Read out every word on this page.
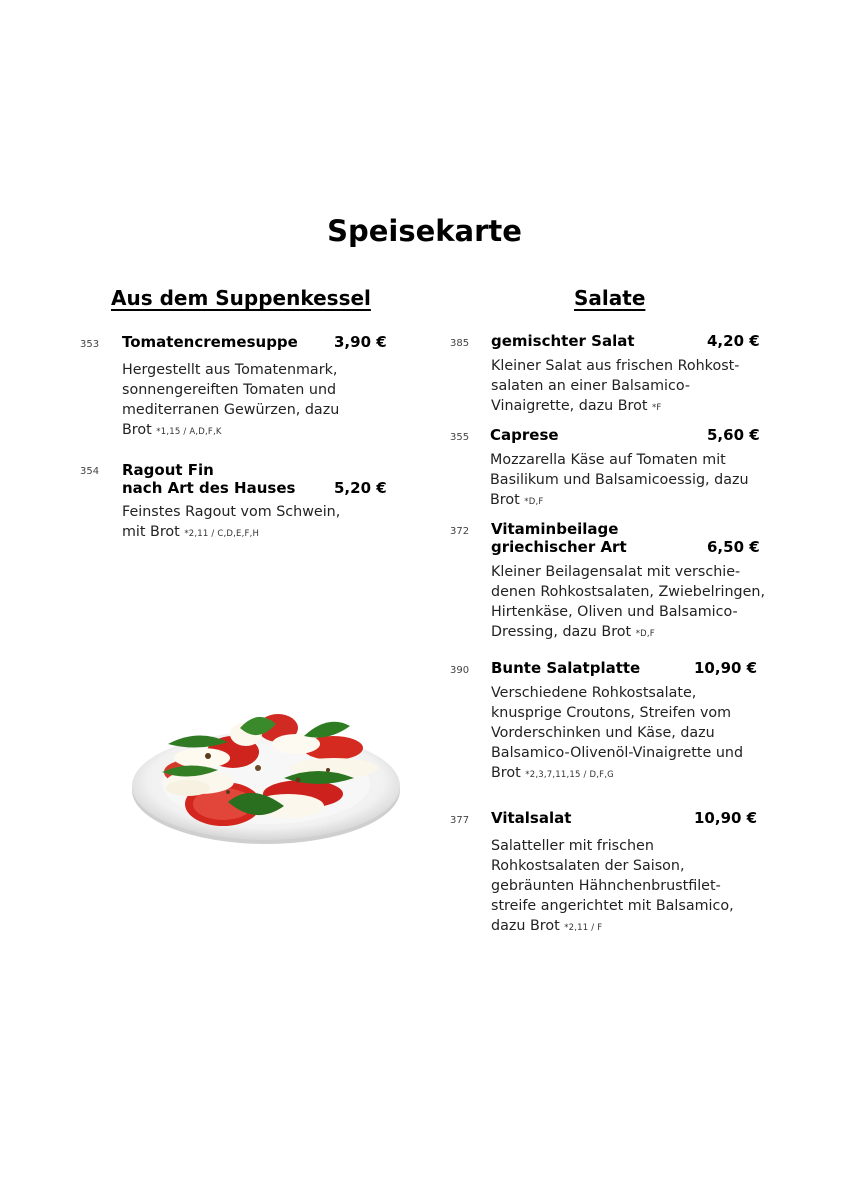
Speisekarte
Aus dem Suppenkessel	Salate
353 Tomatencremesuppe 3,90 €
Hergestellt aus Tomatenmark,
sonnengereiften Tomaten und
mediterranen Gewürzen, dazu
Brot *1,15 / A,D,F,K
354 Ragout Fin
nach Art des Hauses	5,20 €
Feinstes Ragout vom Schwein,
mit Brot *2,11 / C,D,E,F,H
385 gemischter Salat	4,20 €
Kleiner Salat aus frischen Rohkost-
salaten an einer Balsamico-
Vinaigrette, dazu Brot *F
355 Caprese	5,60 €
Mozzarella Käse auf Tomaten mit
Basilikum und Balsamicoessig, dazu
Brot *D,F
372 Vitaminbeilage
griechischer Art	6,50 €
Kleiner Beilagensalat mit verschie-
denen Rohkostsalaten, Zwiebelringen,
Hirtenkäse, Oliven und Balsamico-
Dressing, dazu Brot *D,F
390 Bunte Salatplatte	10,90 €
Verschiedene Rohkostsalate,
knusprige Croutons, Streifen vom
Vorderschinken und Käse, dazu
Balsamico-Olivenöl-Vinaigrette und
Brot *2,3,7,11,15 / D,F,G
377 Vitalsalat	10,90 €
Salatteller mit frischen
Rohkostsalaten der Saison,
gebräunten Hähnchenbrustfilet-
streife angerichtet mit Balsamico,
dazu Brot *2,11 / F
